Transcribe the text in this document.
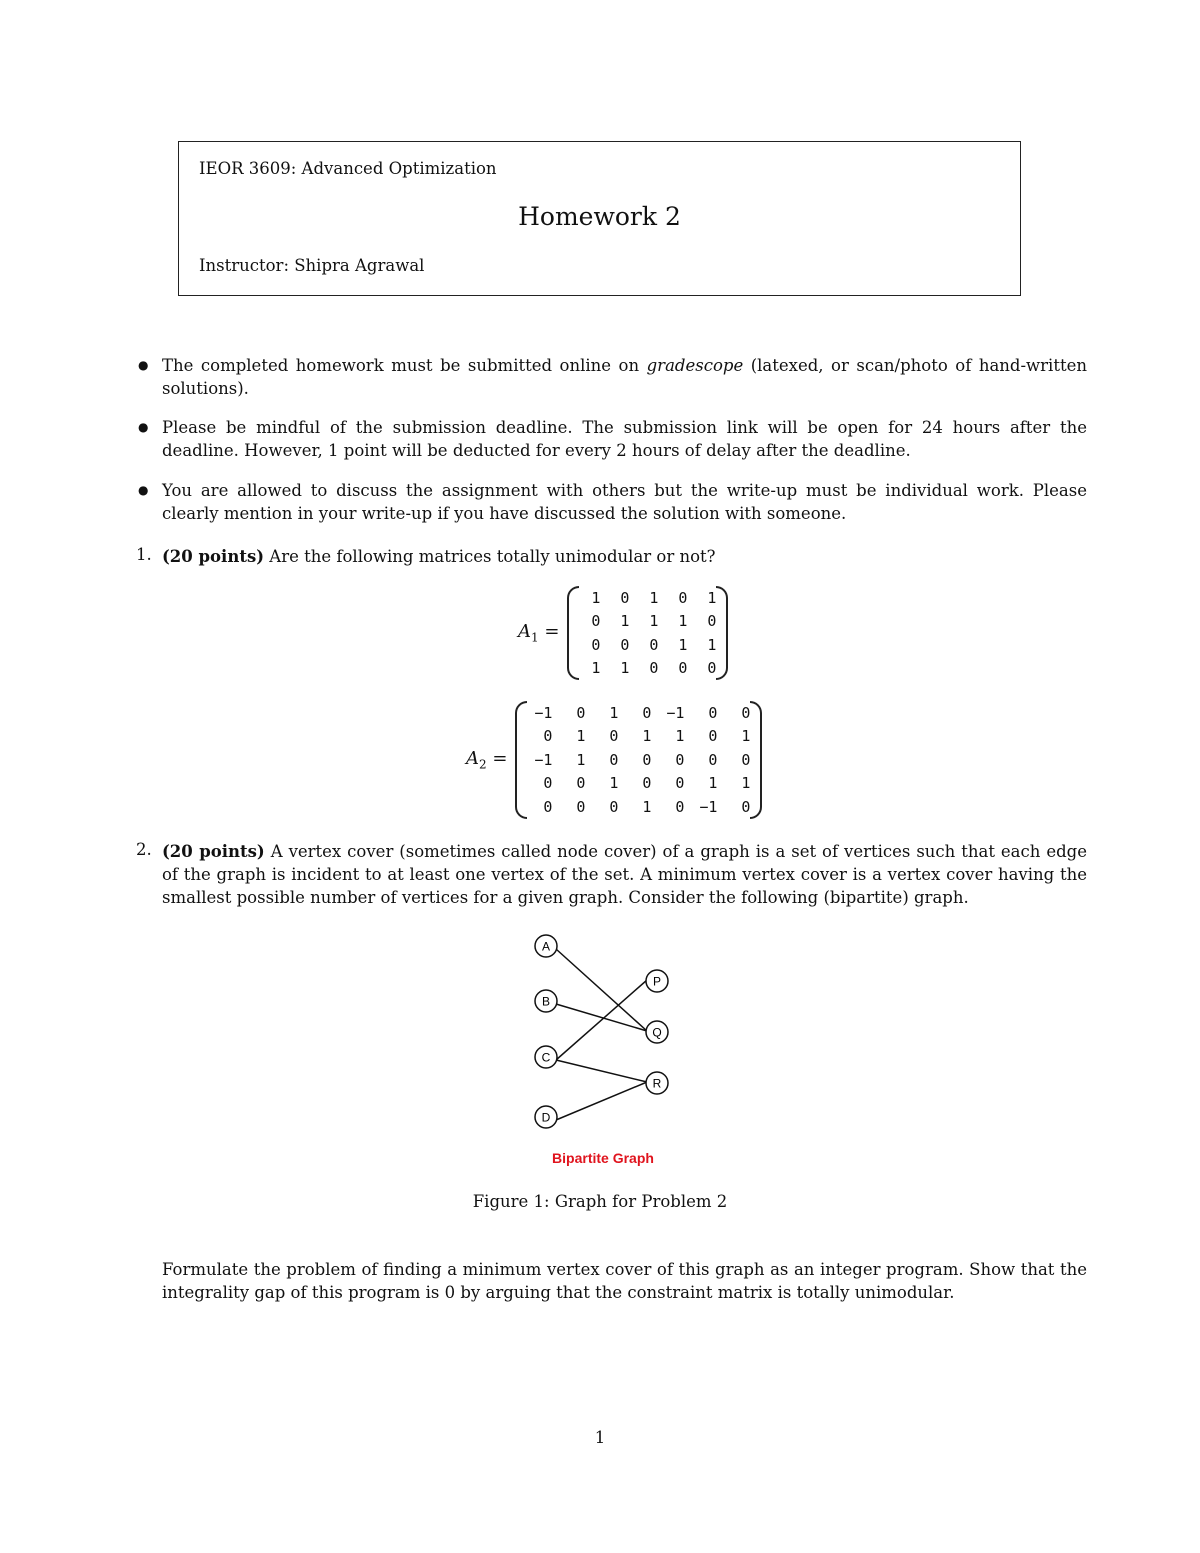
IEOR 3609: Advanced Optimization
Homework 2
Instructor: Shipra Agrawal
● The completed homework must be submitted online on gradescope (latexed, or scan/photo of hand-written solutions).
● Please be mindful of the submission deadline. The submission link will be open for 24 hours after the deadline. However, 1 point will be deducted for every 2 hours of delay after the deadline.
● You are allowed to discuss the assignment with others but the write-up must be individual work. Please clearly mention in your write-up if you have discussed the solution with someone.
1. (20 points) Are the following matrices totally unimodular or not?
$A_1$ =
1	0	1	0	1
0	1	1	1	0
0	0	0	1	1
1	1	0	0	0
$A_2$ =
−1	0	1	0	−1	0	0
0	1	0	1	1	0	1
−1	1	0	0	0	0	0
0	0	1	0	0	1	1
0	0	0	1	0	−1	0
2. (20 points) A vertex cover (sometimes called node cover) of a graph is a set of vertices such that each edge of the graph is incident to at least one vertex of the set. A minimum vertex cover is a vertex cover having the smallest possible number of vertices for a given graph. Consider the following (bipartite) graph.
Bipartite Graph
A
B
C
D
P
Q
R
Figure 1: Graph for Problem 2
Formulate the problem of finding a minimum vertex cover of this graph as an integer program. Show that the integrality gap of this program is 0 by arguing that the constraint matrix is totally unimodular.
1
